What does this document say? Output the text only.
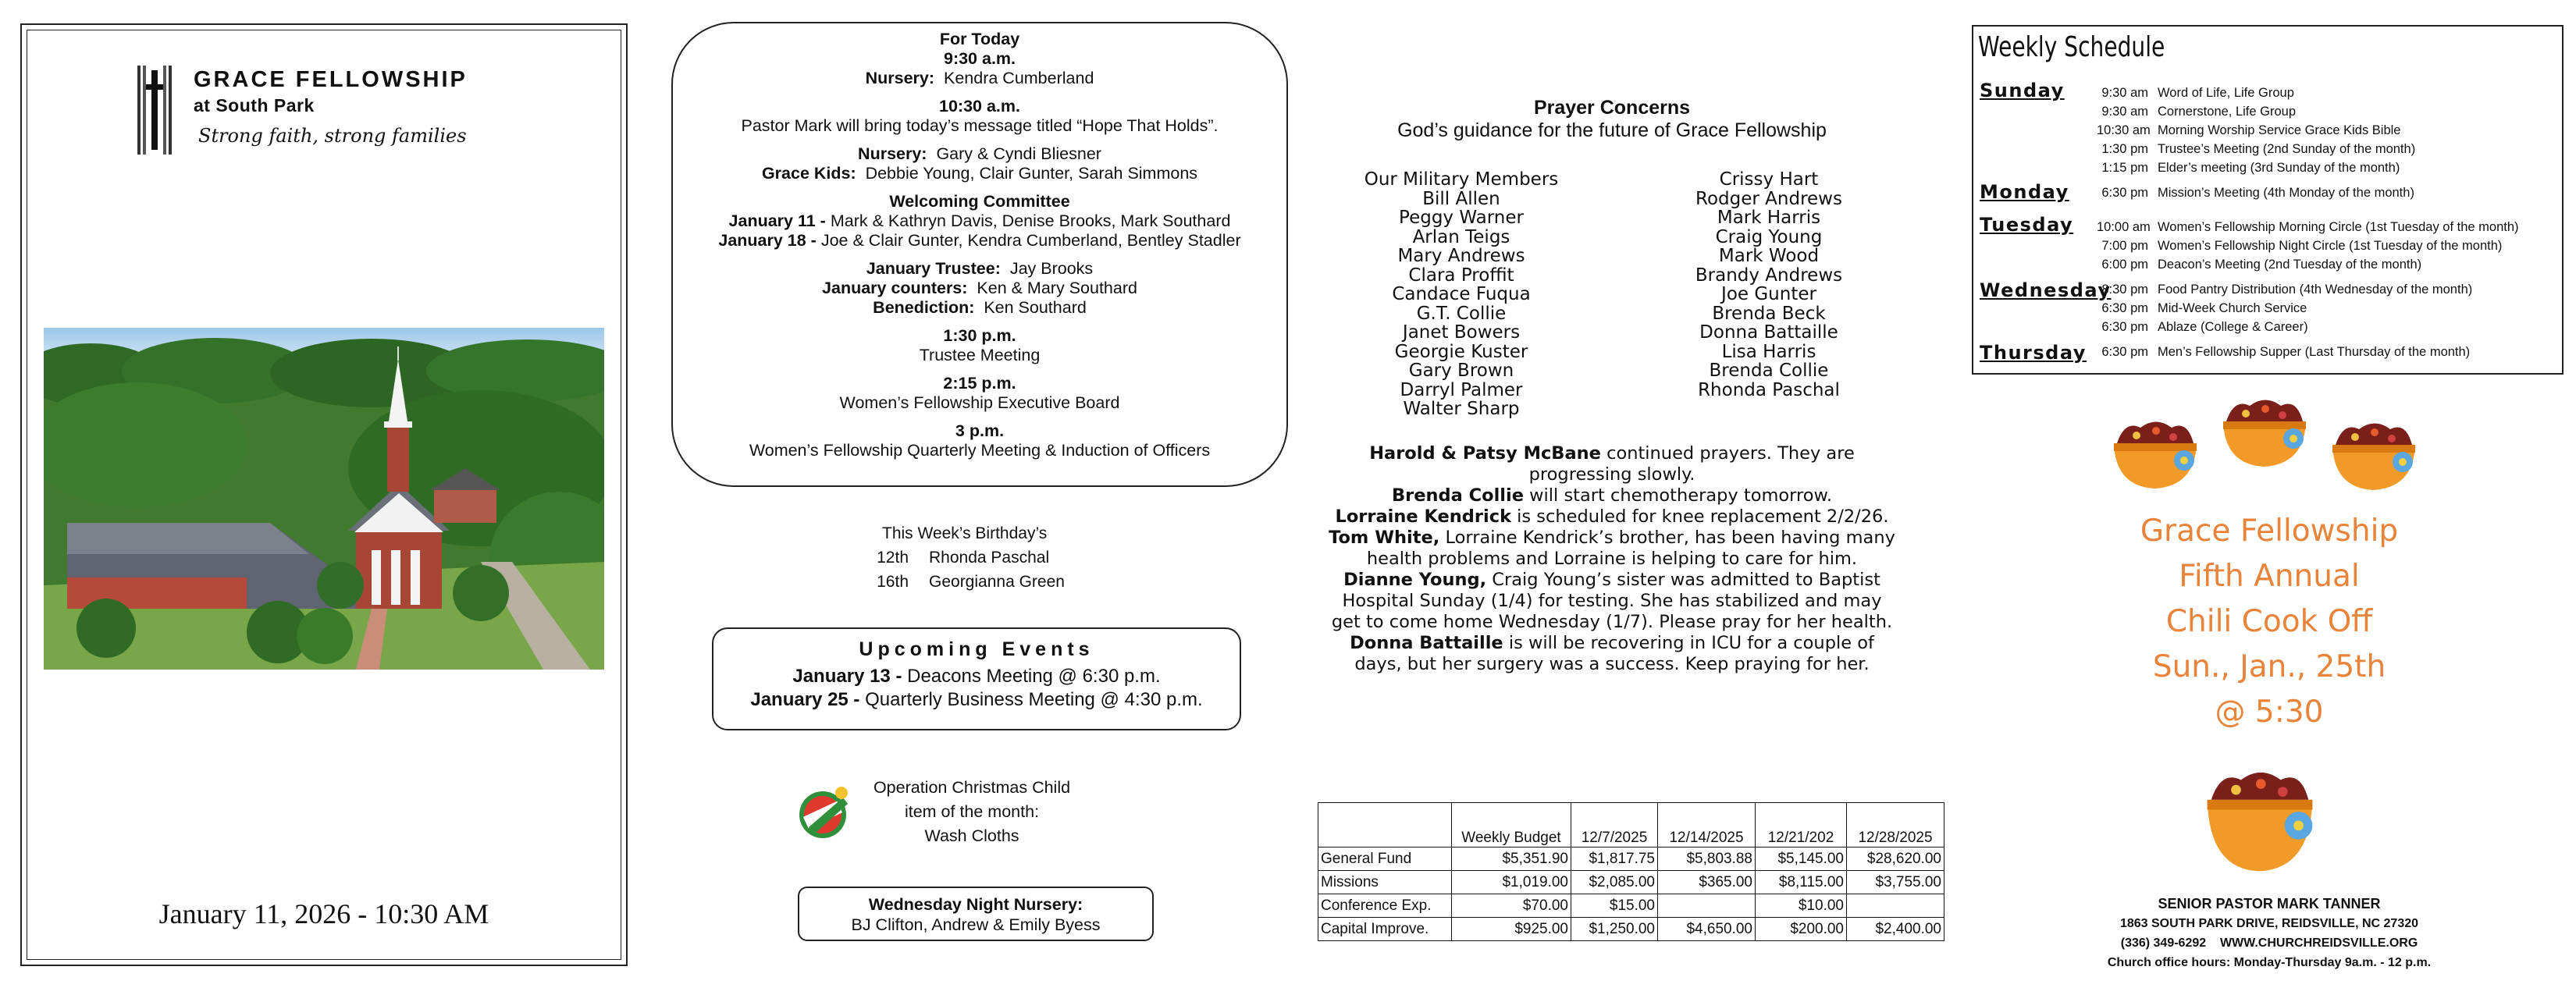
GRACE FELLOWSHIP
at South Park
Strong faith, strong families
January 11, 2026 - 10:30 AM
For Today
9:30 a.m.
Nursery: Kendra Cumberland
10:30 a.m.
Pastor Mark will bring today’s message titled “Hope That Holds”.
Nursery: Gary & Cyndi Bliesner
Grace Kids: Debbie Young, Clair Gunter, Sarah Simmons
Welcoming Committee
January 11 - Mark & Kathryn Davis, Denise Brooks, Mark Southard
January 18 - Joe & Clair Gunter, Kendra Cumberland, Bentley Stadler
January Trustee: Jay Brooks
January counters: Ken & Mary Southard
Benediction: Ken Southard
1:30 p.m.
Trustee Meeting
2:15 p.m.
Women’s Fellowship Executive Board
3 p.m.
Women’s Fellowship Quarterly Meeting & Induction of Officers
This Week’s Birthday’s
12th Rhonda Paschal
16th Georgianna Green
Upcoming Events
January 13 - Deacons Meeting @ 6:30 p.m.
January 25 - Quarterly Business Meeting @ 4:30 p.m.
Operation Christmas Child
item of the month:
Wash Cloths
Wednesday Night Nursery:
BJ Clifton, Andrew & Emily Byess
Prayer Concerns
God’s guidance for the future of Grace Fellowship
Our Military Members
Bill Allen
Peggy Warner
Arlan Teigs
Mary Andrews
Clara Proffit
Candace Fuqua
G.T. Collie
Janet Bowers
Georgie Kuster
Gary Brown
Darryl Palmer
Walter Sharp
Crissy Hart
Rodger Andrews
Mark Harris
Craig Young
Mark Wood
Brandy Andrews
Joe Gunter
Brenda Beck
Donna Battaille
Lisa Harris
Brenda Collie
Rhonda Paschal
Harold & Patsy McBane continued prayers. They are progressing slowly.
Brenda Collie will start chemotherapy tomorrow.
Lorraine Kendrick is scheduled for knee replacement 2/2/26.
Tom White, Lorraine Kendrick’s brother, has been having many health problems and Lorraine is helping to care for him.
Dianne Young, Craig Young’s sister was admitted to Baptist Hospital Sunday (1/4) for testing. She has stabilized and may get to come home Wednesday (1/7). Please pray for her health.
Donna Battaille is will be recovering in ICU for a couple of days, but her surgery was a success. Keep praying for her.
	Weekly Budget	12/7/2025	12/14/2025	12/21/202	12/28/2025
General Fund	$5,351.90	$1,817.75	$5,803.88	$5,145.00	$28,620.00
Missions	$1,019.00	$2,085.00	$365.00	$8,115.00	$3,755.00
Conference Exp.	$70.00	$15.00		$10.00	
Capital Improve.	$925.00	$1,250.00	$4,650.00	$200.00	$2,400.00
Weekly Schedule
Sunday	9:30 am Word of Life, Life Group
9:30 am Cornerstone, Life Group
10:30 am Morning Worship Service Grace Kids Bible
1:30 pm Trustee’s Meeting (2nd Sunday of the month)
1:15 pm Elder’s meeting (3rd Sunday of the month)
Monday	6:30 pm Mission’s Meeting (4th Monday of the month)
Tuesday 10:00 am Women’s Fellowship Morning Circle (1st Tuesday of the month)
7:00 pm Women’s Fellowship Night Circle (1st Tuesday of the month)
6:00 pm Deacon’s Meeting (2nd Tuesday of the month)
Wednesday
8:30 pm Food Pantry Distribution (4th Wednesday of the month)
6:30 pm Mid-Week Church Service
6:30 pm Ablaze (College & Career)
Thursday	6:30 pm Men’s Fellowship Supper (Last Thursday of the month)
Grace Fellowship
Fifth Annual
Chili Cook Off
Sun., Jan., 25th
@ 5:30
SENIOR PASTOR MARK TANNER
1863 SOUTH PARK DRIVE, REIDSVILLE, NC 27320
(336) 349-6292 WWW.CHURCHREIDSVILLE.ORG
Church office hours: Monday-Thursday 9a.m. - 12 p.m.
